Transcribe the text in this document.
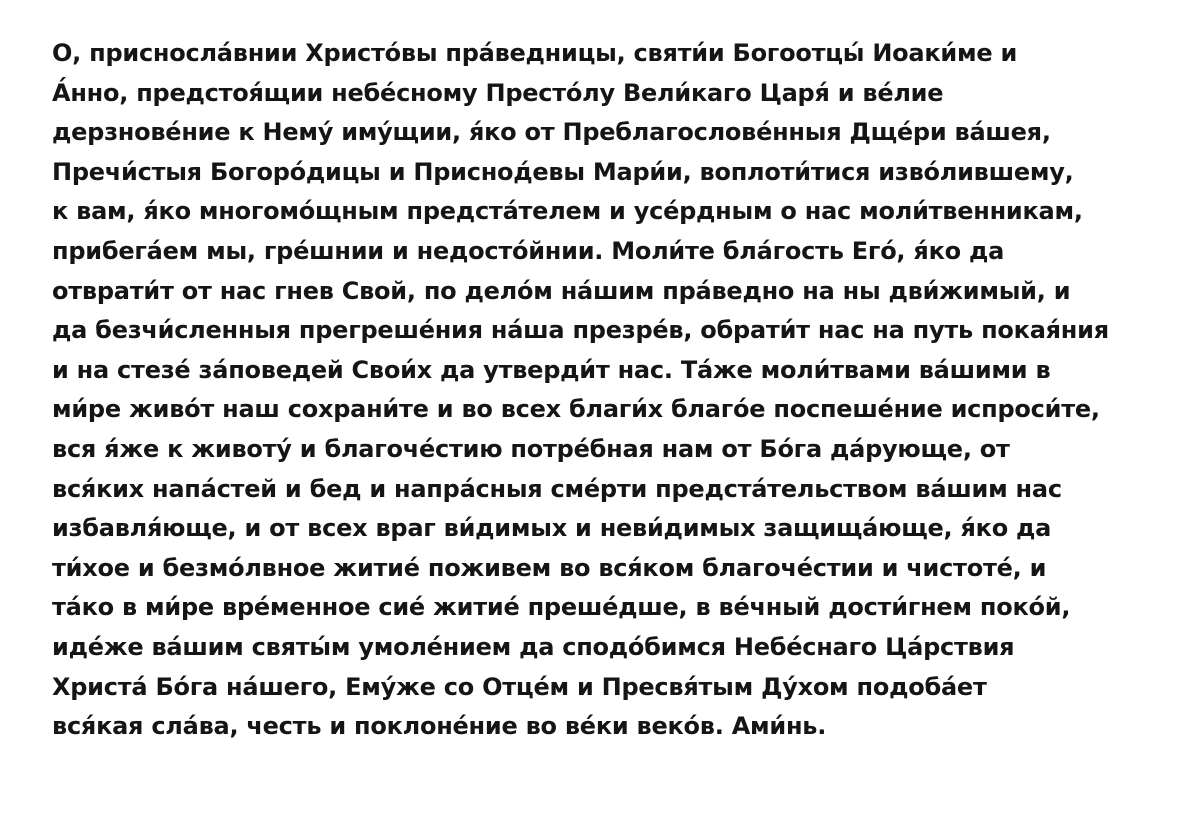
О, присносла́внии Христо́вы пра́ведницы, святи́и Богоотцы́ Иоаки́ме и
А́нно, предстоя́щии небе́сному Престо́лу Вели́каго Царя́ и ве́лие
дерзнове́ние к Нему́ иму́щии, я́ко от Преблагослове́нныя Дще́ри ва́шея,
Пречи́стыя Богоро́дицы и Приснод́евы Мари́и, воплоти́тися изво́лившему,
к вам, я́ко многомо́щным предста́телем и усе́рдным о нас моли́твенникам,
прибега́ем мы, гре́шнии и недосто́йнии. Моли́те бла́гость Его́, я́ко да
отврати́т от нас гнев Свой, по дело́м на́шим пра́ведно на ны дви́жимый, и
да безчи́сленныя прегреше́ния на́ша презре́в, обрати́т нас на путь покая́ния
и на стезе́ за́поведей Свои́х да утверди́т нас. Та́же моли́твами ва́шими в
ми́ре живо́т наш сохрани́те и во всех благи́х благо́е поспеше́ние испроси́те,
вся я́же к животу́ и благоче́стию потре́бная нам от Бо́га да́рующе, от
вся́ких напа́стей и бед и напра́сныя сме́рти предста́тельством ва́шим нас
избавля́юще, и от всех враг ви́димых и неви́димых защища́юще, я́ко да
ти́хое и безмо́лвное житие́ поживем во вся́ком благоче́стии и чистоте́, и
та́ко в ми́ре вре́менное сие́ житие́ преше́дше, в ве́чный дости́гнем поко́й,
иде́же ва́шим святы́м умоле́нием да сподо́бимся Небе́снаго Ца́рствия
Христа́ Бо́га на́шего, Ему́же со Отце́м и Пресвя́тым Ду́хом подоба́ет
вся́кая сла́ва, честь и поклоне́ние во ве́ки веко́в. Ами́нь.
